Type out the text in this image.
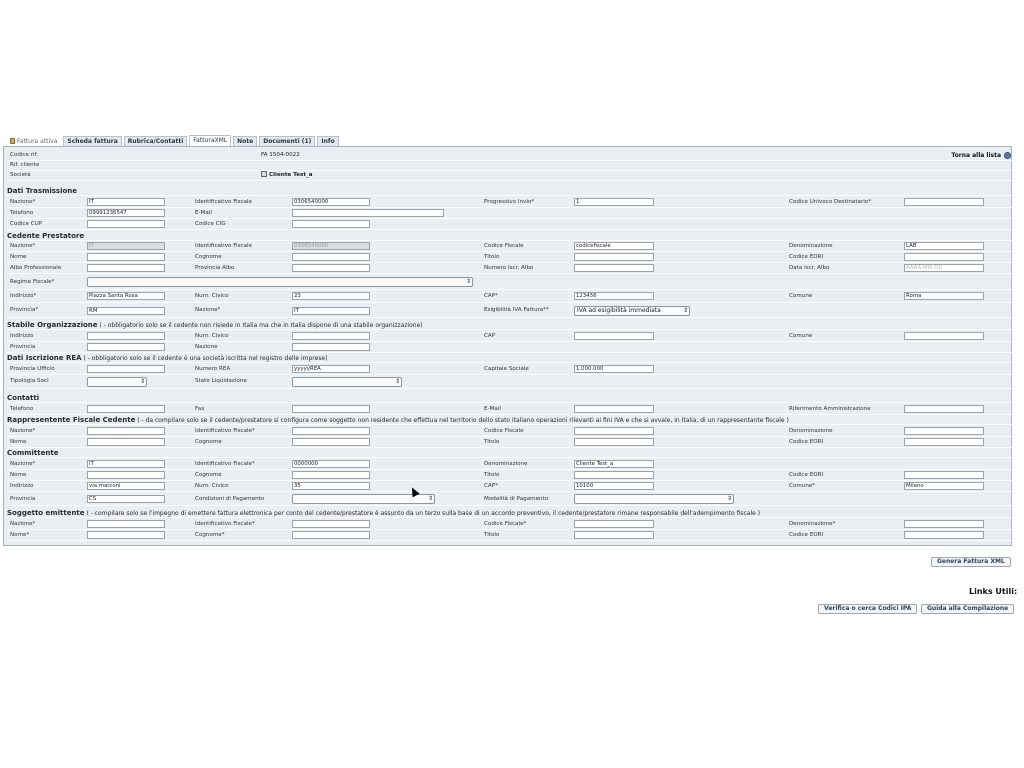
Fattura attiva	Scheda fattura	Rubrica/Contatti	FatturaXML	Note	Documenti (1)	Info
Codice rif.	FA 1504-0022	Torna alla lista
Rif. cliente
Società	Cliente Test_a
Dati Trasmissione
Nazione*	IT	Identificativo Fiscale	0306540000	Progressivo Invio*	1	Codice Univoco Destinatario*
Telefono	09991236547	E-Mail
Codice CUP	Codice CIG
Cedente Prestatore
Nazione*	IT	Identificativo Fiscale	0306540000	Codice Fiscale	codicefiscale	Denominazione	LAB
Nome	Cognome	Titolo	Codice EORI
Albo Professionale	Provincia Albo	Numero Iscr. Albo	Data Iscr. Albo	AAAA-MM-DD
Regime Fiscale*	⇕
Indirizzo*	Piazza Santa Rosa	Num. Civico	23	CAP*	123456	Comune	Roma
Provincia*	RM	Nazione*	IT	Esigibilità IVA Fattura**	IVA ad esigibilità immediata	⇕
Stabile Organizzazione ( - obbligatorio solo se il cedente non risiede in Italia ma che in Italia dispone di una stabile organizzazione)
Indirizzo	Num. Civico	CAP	Comune
Provincia	Nazione
Dati Iscrizione REA ( - obbligatorio solo se il cedente è una società iscritta nel registro delle imprese)
Provincia Ufficio	Numero REA	yyyyyREA	Capitale Sociale	1.000.000
Tipologia Soci	⇕	Stato Liquidazione	⇕
Contatti
Telefono	Fax	E-Mail	Riferimento Amministrazione
Rappresentente Fiscale Cedente ( - da compilare solo se il cedente/prestatore si configura come soggetto non residente che effettua nel territorio dello stato italiano operazioni rilevanti ai fini IVA e che si avvale, in Italia, di un rappresentante fiscale )
Nazione*	Identificativo Fiscale*	Codice Fiscale	Denominazione
Nome	Cognome	Titolo	Codice EORI
Committente
Nazione*	IT	Identificativo Fiscale*	0000000	Denominazione	Cliente Test_a
Nome	Cognome	Titolo	Codice EORI
Indirizzo	via marconi	Num. Civico	35	CAP*	10100	Comune*	Milano
Provincia	CS	Condizioni di Pagamento	⇕	Modalità di Pagamento	⇕
Soggetto emittente ( - compilare solo se l'impegno di emettere fattura elettronica per conto del cedente/prestatore è assunto da un terzo sulla base di un accordo preventivo, il cedente/prestatore rimane responsabile dell'adempimento fiscale )
Nazione*	Identificativo Fiscale*	Codice Fiscale*	Denominazione*
Nome*	Cognome*	Titolo	Codice EORI
Genera Fattura XML
Links Utili:
Verifica o cerca Codici IPA	Guida alla Compilazione
